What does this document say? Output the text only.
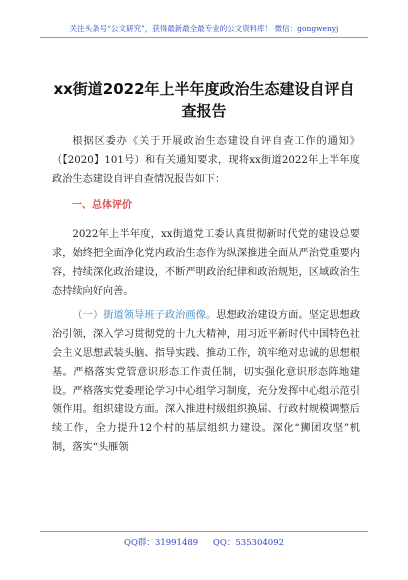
关注头条号“公文研究”，获得最新最全最专业的公文资料库！ 微信：gongwenyj
xx街道2022年上半年度政治生态建设自评自
查报告

根据区委办《关于开展政治生态建设自评自查工作的通知》（【2020】101号）和有关通知要求，现将xx街道2022年上半年度政治生态建设自评自查情况报告如下：

一、总体评价

2022年上半年度，xx街道党工委认真贯彻新时代党的建设总要求，始终把全面净化党内政治生态作为纵深推进全面从严治党重要内容，持续深化政治建设，不断严明政治纪律和政治规矩，区域政治生态持续向好向善。

（一）街道领导班子政治画像。思想政治建设方面。坚定思想政治引领，深入学习贯彻党的十九大精神，用习近平新时代中国特色社会主义思想武装头脑、指导实践、推动工作，筑牢绝对忠诚的思想根基。严格落实党管意识形态工作责任制，切实强化意识形态阵地建设。严格落实党委理论学习中心组学习制度，充分发挥中心组示范引领作用。组织建设方面。深入推进村级组织换届、行政村规模调整后续工作，全力提升12个村的基层组织力建设。深化“狮团攻坚”机制，落实“头雁领

QQ群：31991489 QQ：535304092
